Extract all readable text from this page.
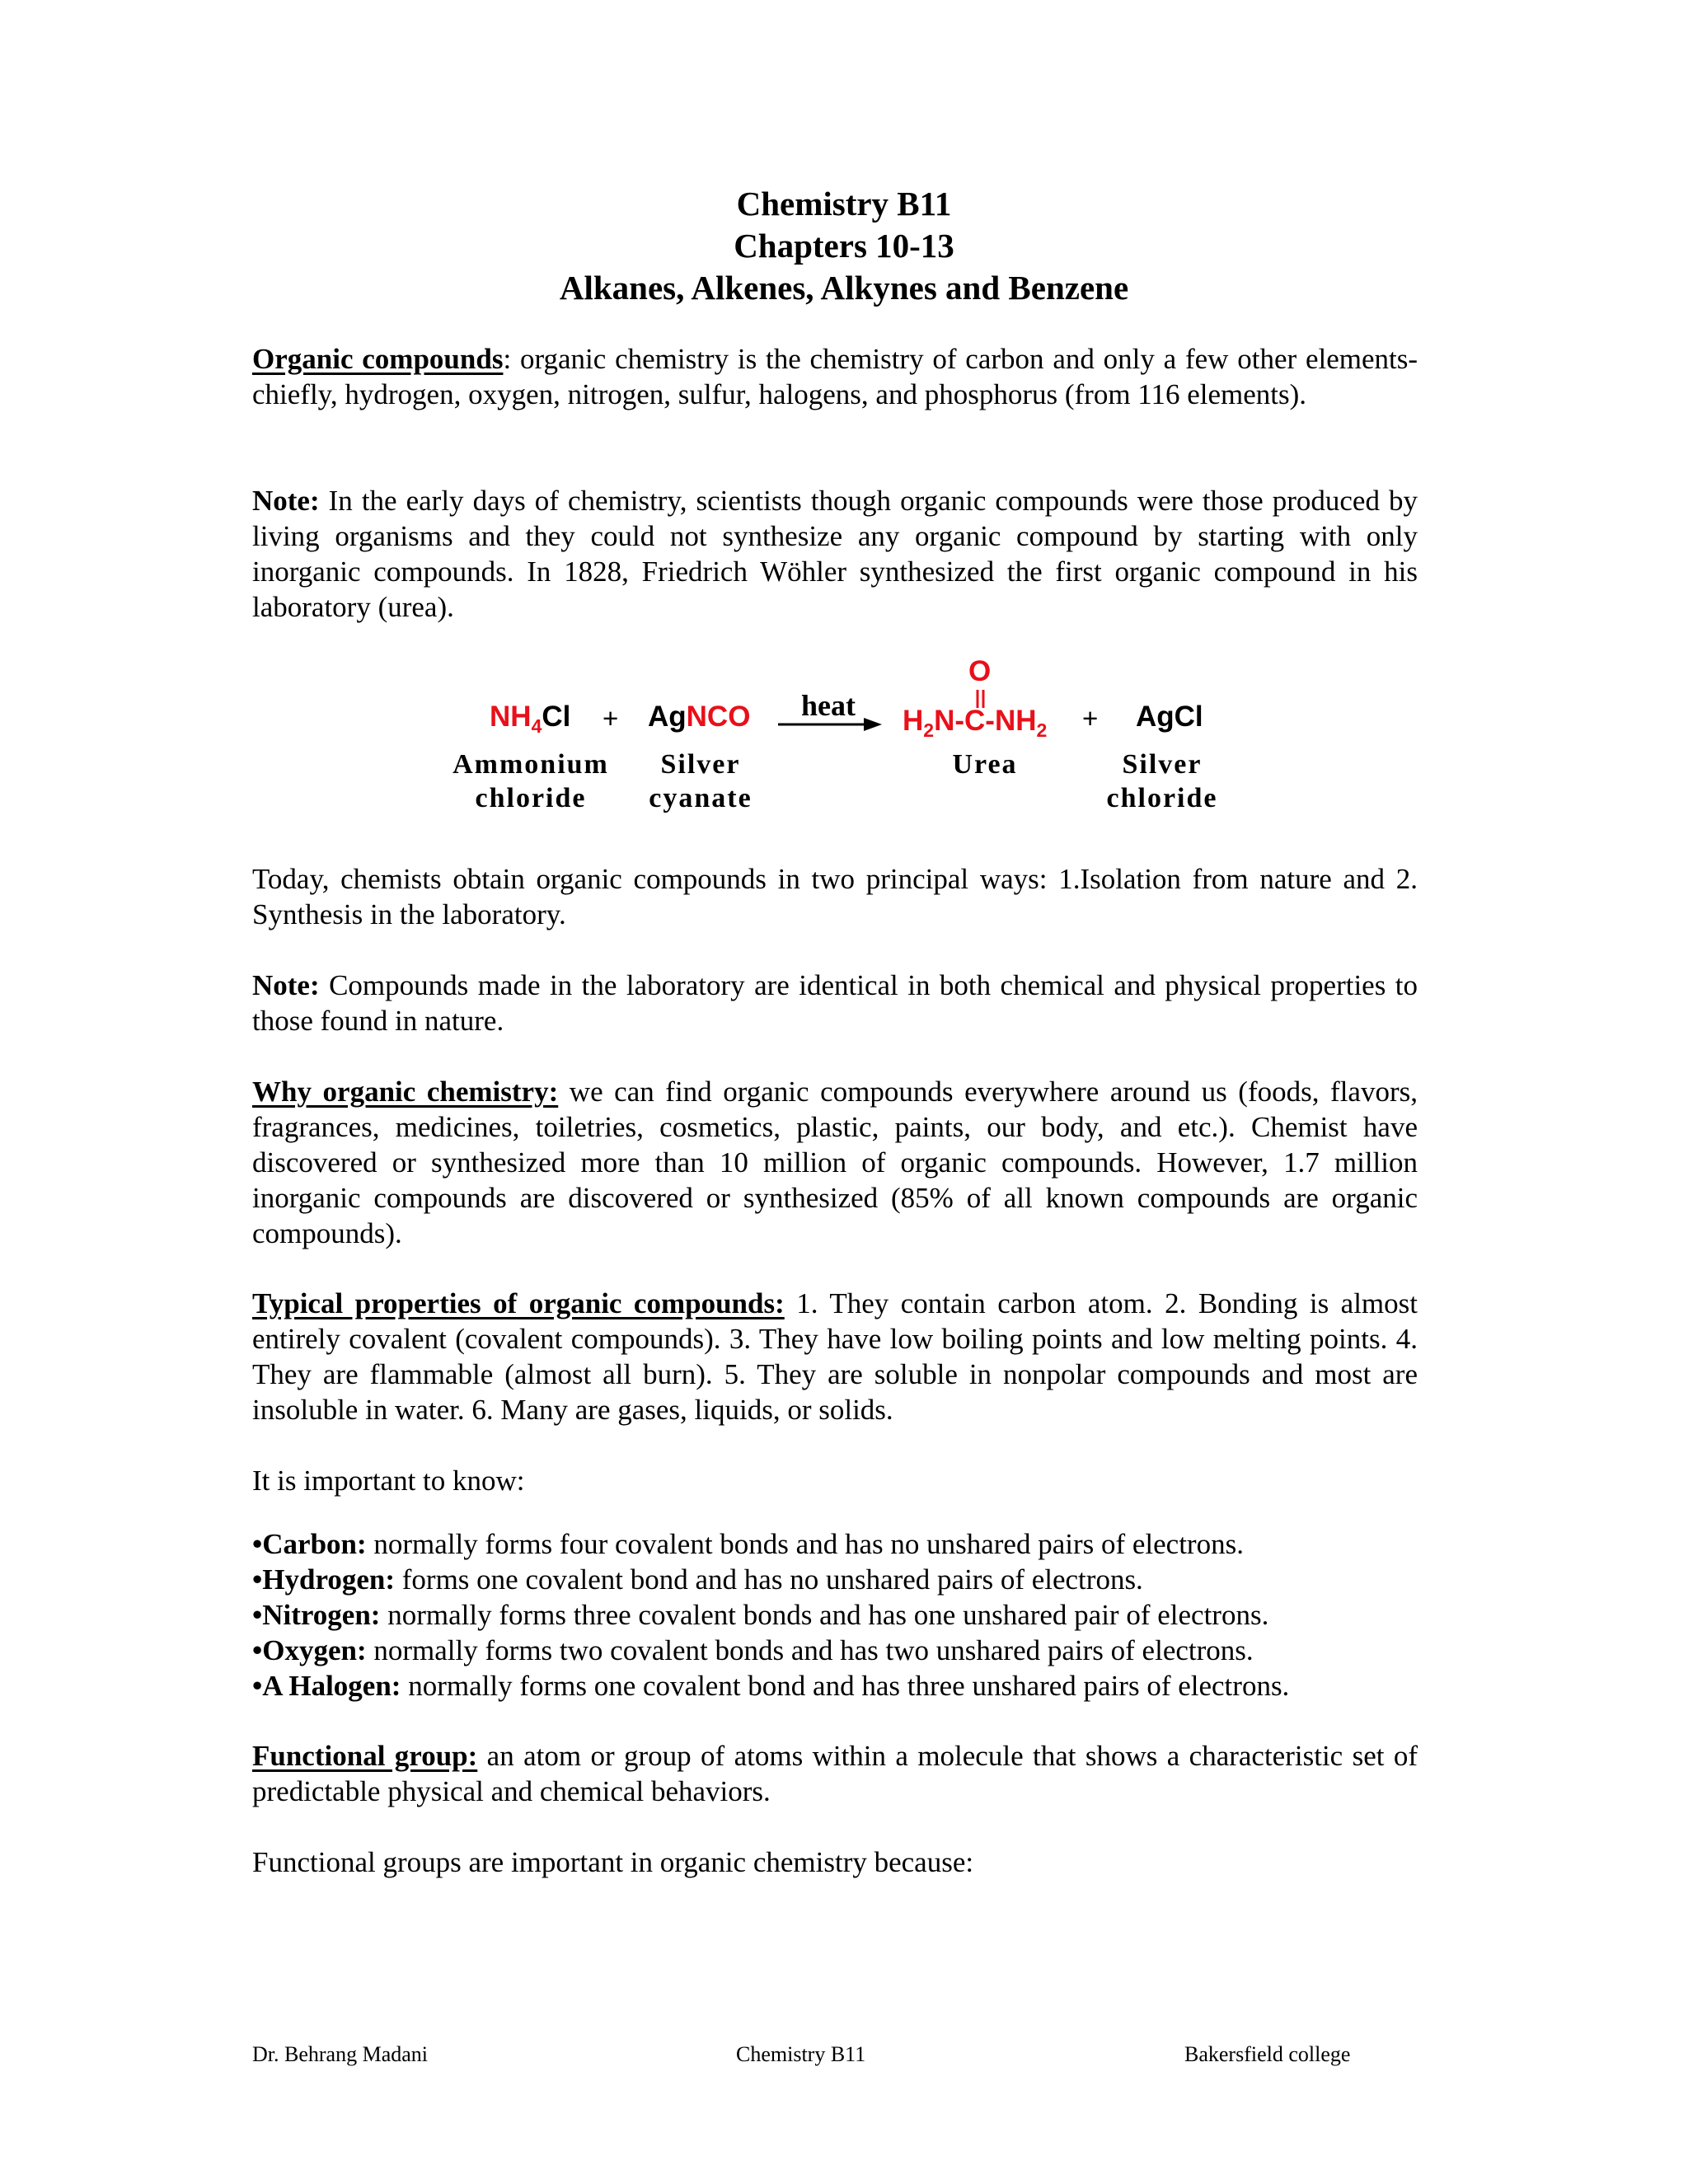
Chemistry B11
Chapters 10-13
Alkanes, Alkenes, Alkynes and Benzene
Organic compounds: organic chemistry is the chemistry of carbon and only a few other elements-chiefly, hydrogen, oxygen, nitrogen, sulfur, halogens, and phosphorus (from 116 elements).
Note: In the early days of chemistry, scientists though organic compounds were those produced by living organisms and they could not synthesize any organic compound by starting with only inorganic compounds. In 1828, Friedrich Wöhler synthesized the first organic compound in his laboratory (urea).
$NH_4Cl$ + AgNCO heat
O
$H_2N-C-NH_2$ + AgCl
Ammonium
chloride
Silver
cyanate
Urea	Silver
chloride
Today, chemists obtain organic compounds in two principal ways: 1.Isolation from nature and 2. Synthesis in the laboratory.
Note: Compounds made in the laboratory are identical in both chemical and physical properties to those found in nature.
Why organic chemistry: we can find organic compounds everywhere around us (foods, flavors, fragrances, medicines, toiletries, cosmetics, plastic, paints, our body, and etc.). Chemist have discovered or synthesized more than 10 million of organic compounds. However, 1.7 million inorganic compounds are discovered or synthesized (85% of all known compounds are organic compounds).
Typical properties of organic compounds: 1. They contain carbon atom. 2. Bonding is almost entirely covalent (covalent compounds). 3. They have low boiling points and low melting points. 4. They are flammable (almost all burn). 5. They are soluble in nonpolar compounds and most are insoluble in water. 6. Many are gases, liquids, or solids.
It is important to know:
•Carbon: normally forms four covalent bonds and has no unshared pairs of electrons.
•Hydrogen: forms one covalent bond and has no unshared pairs of electrons.
•Nitrogen: normally forms three covalent bonds and has one unshared pair of electrons.
•Oxygen: normally forms two covalent bonds and has two unshared pairs of electrons.
•A Halogen: normally forms one covalent bond and has three unshared pairs of electrons.
Functional group: an atom or group of atoms within a molecule that shows a characteristic set of predictable physical and chemical behaviors.
Functional groups are important in organic chemistry because:
Dr. Behrang Madani	Chemistry B11	Bakersfield college
